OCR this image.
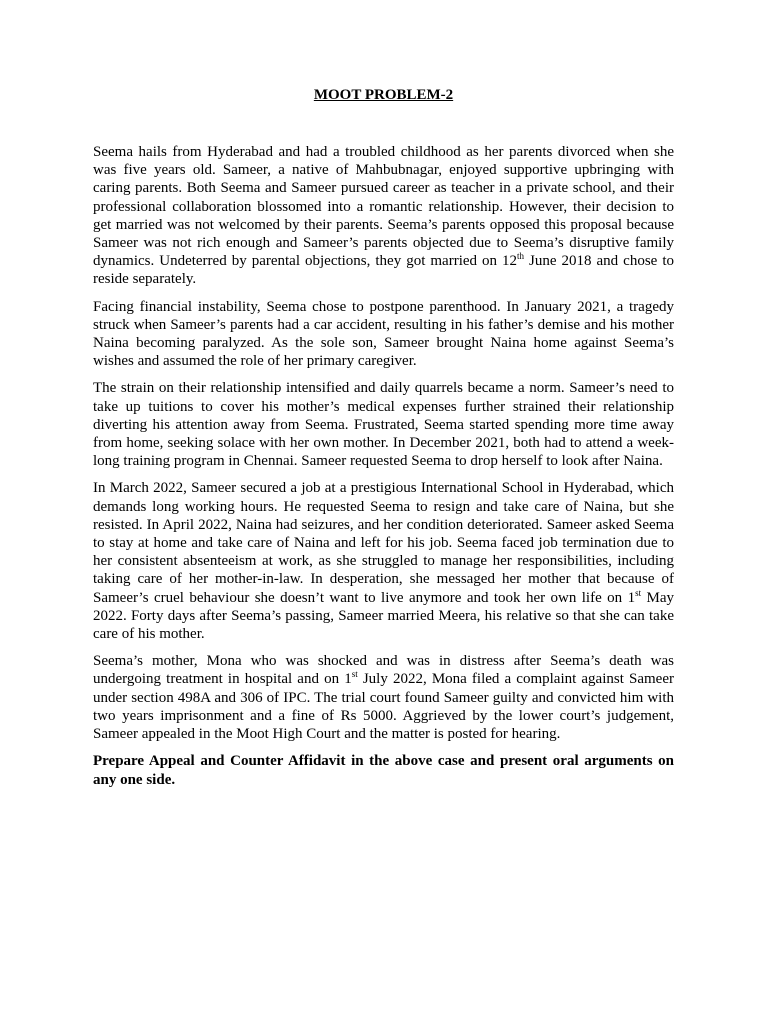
MOOT PROBLEM-2

Seema hails from Hyderabad and had a troubled childhood as her parents divorced when she was five years old. Sameer, a native of Mahbubnagar, enjoyed supportive upbringing with caring parents. Both Seema and Sameer pursued career as teacher in a private school, and their professional collaboration blossomed into a romantic relationship. However, their decision to get married was not welcomed by their parents. Seema’s parents opposed this proposal because Sameer was not rich enough and Sameer’s parents objected due to Seema’s disruptive family dynamics. Undeterred by parental objections, they got married on 12th June 2018 and chose to reside separately.

Facing financial instability, Seema chose to postpone parenthood. In January 2021, a tragedy struck when Sameer’s parents had a car accident, resulting in his father’s demise and his mother Naina becoming paralyzed. As the sole son, Sameer brought Naina home against Seema’s wishes and assumed the role of her primary caregiver.

The strain on their relationship intensified and daily quarrels became a norm. Sameer’s need to take up tuitions to cover his mother’s medical expenses further strained their relationship diverting his attention away from Seema. Frustrated, Seema started spending more time away from home, seeking solace with her own mother. In December 2021, both had to attend a week-long training program in Chennai. Sameer requested Seema to drop herself to look after Naina.

In March 2022, Sameer secured a job at a prestigious International School in Hyderabad, which demands long working hours. He requested Seema to resign and take care of Naina, but she resisted. In April 2022, Naina had seizures, and her condition deteriorated. Sameer asked Seema to stay at home and take care of Naina and left for his job. Seema faced job termination due to her consistent absenteeism at work, as she struggled to manage her responsibilities, including taking care of her mother-in-law. In desperation, she messaged her mother that because of Sameer’s cruel behaviour she doesn’t want to live anymore and took her own life on 1st May 2022. Forty days after Seema’s passing, Sameer married Meera, his relative so that she can take care of his mother.

Seema’s mother, Mona who was shocked and was in distress after Seema’s death was undergoing treatment in hospital and on 1st July 2022, Mona filed a complaint against Sameer under section 498A and 306 of IPC. The trial court found Sameer guilty and convicted him with two years imprisonment and a fine of Rs 5000. Aggrieved by the lower court’s judgement, Sameer appealed in the Moot High Court and the matter is posted for hearing.

Prepare Appeal and Counter Affidavit in the above case and present oral arguments on any one side.
